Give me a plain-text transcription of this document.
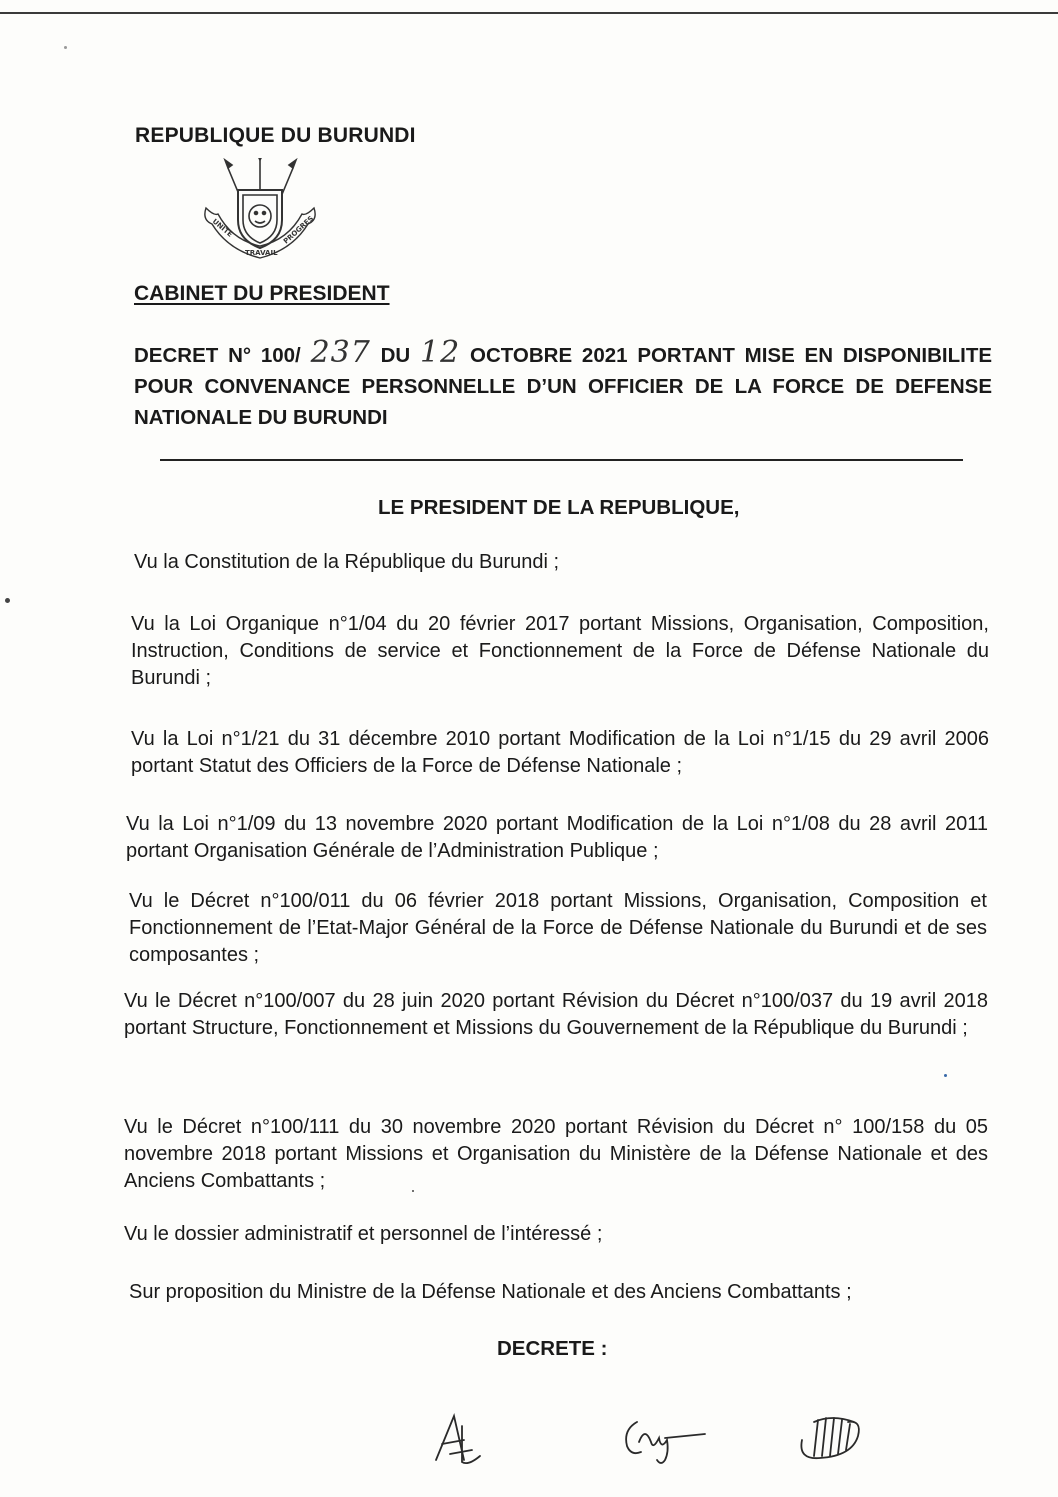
REPUBLIQUE DU BURUNDI
UNITE
TRAVAIL
PROGRES
CABINET DU PRESIDENT
DECRET N° 100/ 237 DU 12 OCTOBRE 2021 PORTANT MISE EN DISPONIBILITE POUR CONVENANCE PERSONNELLE D’UN OFFICIER DE LA FORCE DE DEFENSE NATIONALE DU BURUNDI
LE PRESIDENT DE LA REPUBLIQUE,
Vu la Constitution de la République du Burundi ;
Vu la Loi Organique n°1/04 du 20 février 2017 portant Missions, Organisation, Composition, Instruction, Conditions de service et Fonctionnement de la Force de Défense Nationale du Burundi ;
Vu la Loi n°1/21 du 31 décembre 2010 portant Modification de la Loi n°1/15 du 29 avril 2006 portant Statut des Officiers de la Force de Défense Nationale ;
Vu la Loi n°1/09 du 13 novembre 2020 portant Modification de la Loi n°1/08 du 28 avril 2011 portant Organisation Générale de l’Administration Publique ;
Vu le Décret n°100/011 du 06 février 2018 portant Missions, Organisation, Composition et Fonctionnement de l’Etat-Major Général de la Force de Défense Nationale du Burundi et de ses composantes ;
Vu le Décret n°100/007 du 28 juin 2020 portant Révision du Décret n°100/037 du 19 avril 2018 portant Structure, Fonctionnement et Missions du Gouvernement de la République du Burundi ;
Vu le Décret n°100/111 du 30 novembre 2020 portant Révision du Décret n° 100/158 du 05 novembre 2018 portant Missions et Organisation du Ministère de la Défense Nationale et des Anciens Combattants ;
Vu le dossier administratif et personnel de l’intéressé ;
Sur proposition du Ministre de la Défense Nationale et des Anciens Combattants ;
DECRETE :
